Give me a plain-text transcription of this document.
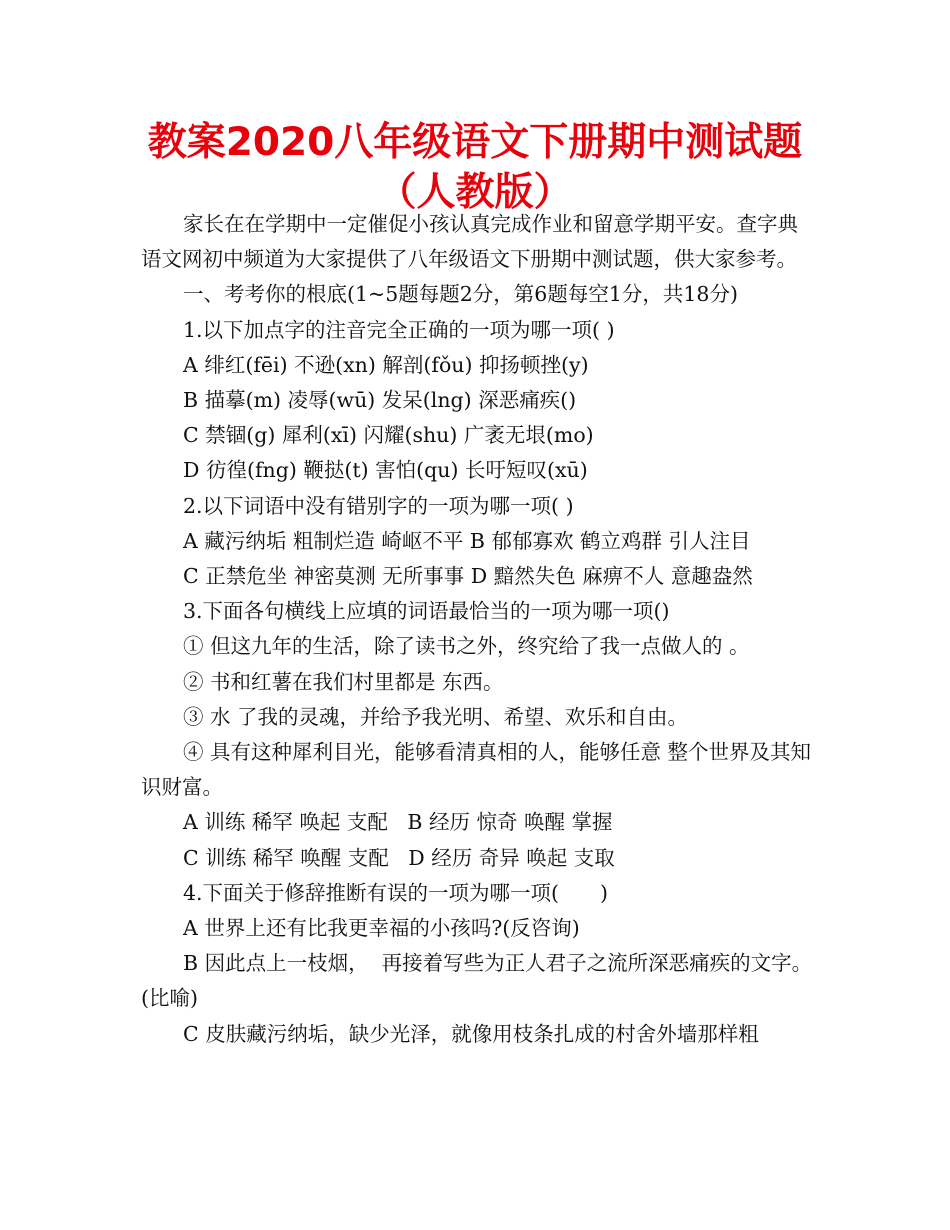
教案2020八年级语文下册期中测试题（人教版）

家长在在学期中一定催促小孩认真完成作业和留意学期平安。查字典语文网初中频道为大家提供了八年级语文下册期中测试题，供大家参考。

一、考考你的根底(1~5题每题2分，第6题每空1分，共18分)

1.以下加点字的注音完全正确的一项为哪一项( )

A 绯红(fēi) 不逊(xn) 解剖(fǒu) 抑扬顿挫(y)

B 描摹(m) 凌辱(wū) 发呆(lng) 深恶痛疾()

C 禁锢(g) 犀利(xī) 闪耀(shu) 广袤无垠(mo)

D 彷徨(fng) 鞭挞(t) 害怕(qu) 长吁短叹(xū)

2.以下词语中没有错别字的一项为哪一项( )

A 藏污纳垢 粗制烂造 崎岖不平 B 郁郁寡欢 鹤立鸡群 引人注目

C 正禁危坐 神密莫测 无所事事 D 黯然失色 麻痹不人 意趣盎然

3.下面各句横线上应填的词语最恰当的一项为哪一项()

① 但这九年的生活，除了读书之外，终究给了我一点做人的 。

② 书和红薯在我们村里都是 东西。

③ 水 了我的灵魂，并给予我光明、希望、欢乐和自由。

④ 具有这种犀利目光，能够看清真相的人，能够任意 整个世界及其知识财富。

A 训练 稀罕 唤起 支配   B 经历 惊奇 唤醒 掌握

C 训练 稀罕 唤醒 支配   D 经历 奇异 唤起 支取

4.下面关于修辞推断有误的一项为哪一项(　　)

A 世界上还有比我更幸福的小孩吗?(反咨询)

B 因此点上一枝烟，  再接着写些为正人君子之流所深恶痛疾的文字。(比喻)

C 皮肤藏污纳垢，缺少光泽，就像用枝条扎成的村舍外墙那样粗
